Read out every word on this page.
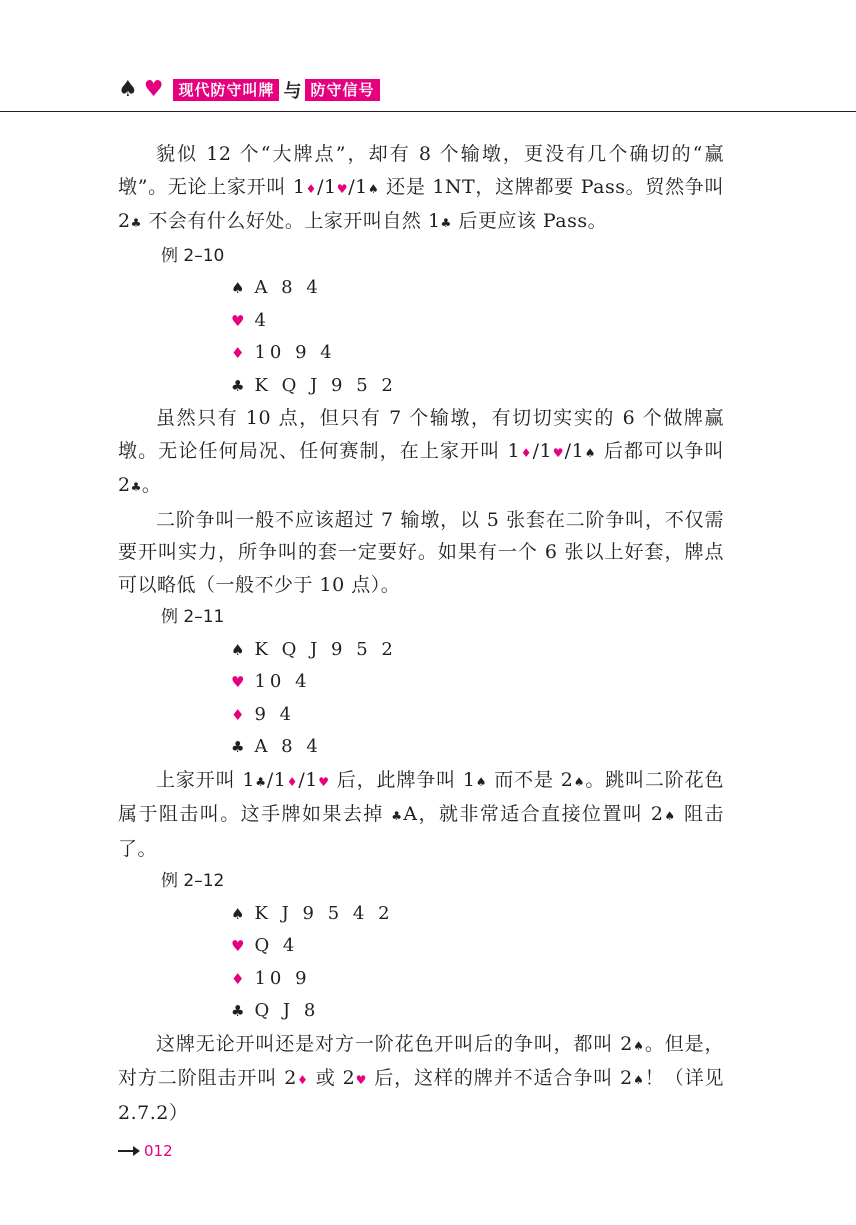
♠ ♥	现代防守叫牌 与 防守信号

貌似 12 个“大牌点”，却有 8 个输墩，更没有几个确切的“赢墩”。无论上家开叫 1♦/1♥/1♠ 还是 1NT，这牌都要 Pass。贸然争叫 2♣ 不会有什么好处。上家开叫自然 1♣ 后更应该 Pass。

例 2–10

♠ A 8 4
♥ 4
♦ 10 9 4
♣ K Q J 9 5 2

虽然只有 10 点，但只有 7 个输墩，有切切实实的 6 个做牌赢墩。无论任何局况、任何赛制，在上家开叫 1♦/1♥/1♠ 后都可以争叫 2♣。

二阶争叫一般不应该超过 7 输墩，以 5 张套在二阶争叫，不仅需要开叫实力，所争叫的套一定要好。如果有一个 6 张以上好套，牌点可以略低（一般不少于 10 点）。

例 2–11

♠ K Q J 9 5 2
♥ 10 4
♦ 9 4
♣ A 8 4

上家开叫 1♣/1♦/1♥ 后，此牌争叫 1♠ 而不是 2♠。跳叫二阶花色属于阻击叫。这手牌如果去掉 ♣A，就非常适合直接位置叫 2♠ 阻击了。

例 2–12

♠ K J 9 5 4 2
♥ Q 4
♦ 10 9
♣ Q J 8

这牌无论开叫还是对方一阶花色开叫后的争叫，都叫 2♠。但是，对方二阶阻击开叫 2♦ 或 2♥ 后，这样的牌并不适合争叫 2♠！（详见 2.7.2）

012
